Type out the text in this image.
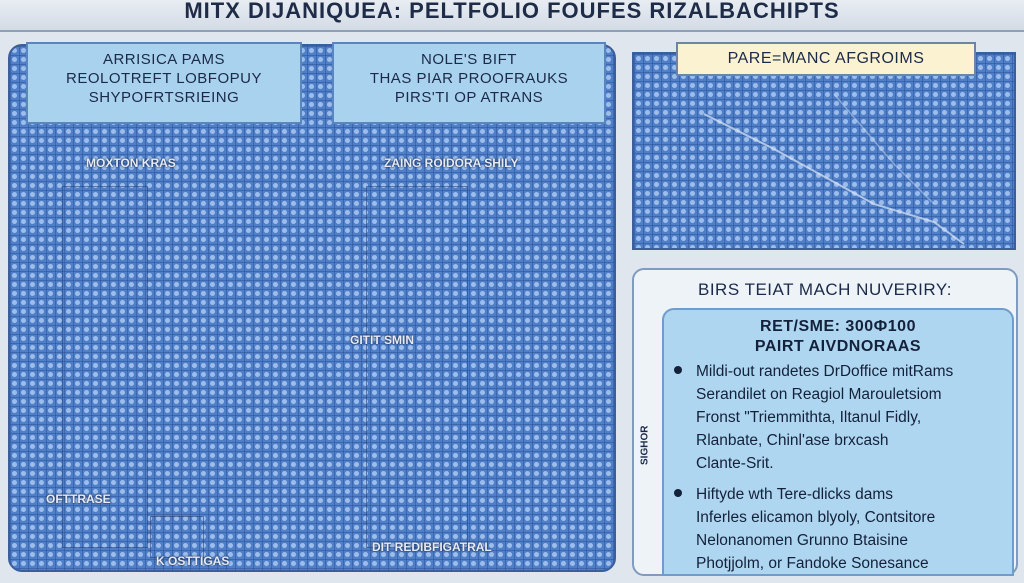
MITX DIJANIQUEA: PELTFOLIO FOUFES RIZALBACHIPTS
ARRISICA PAMS
REOLOTREFT LOBFOPUY
SHYPOFRTSRIEING
NOLE'S BIFT
THAS PIAR PROOFRAUKS
PIRS'TI OP ATRANS
MOXTON KRAS	ZAING ROIDORA SHILY
GITIT SMIN
OFTTRASE
K OSTTIGAS
DIT REDIBFIGATRAL
PARE=MANC AFGROIMS
BIRS TEIAT MACH NUVERIRY:
SIGHOR
RET/SME: 300Ф100
PAIRT AIVDNORAAS
Mildi-out randetes DrDoffice mitRams
Serandilet on Reagiol Marouletsiom
Fronst "Triemmithta, Iltanul Fidly,
Rlanbate, Chinl'ase brxcash
Clante-Srit.
Hiftyde wth Tere-dlicks dams
Inferles elicamon blyoly, Contsitore
Nelonanomen Grunno Btaisine
Photjjolm, or Fandoke Sonesance
